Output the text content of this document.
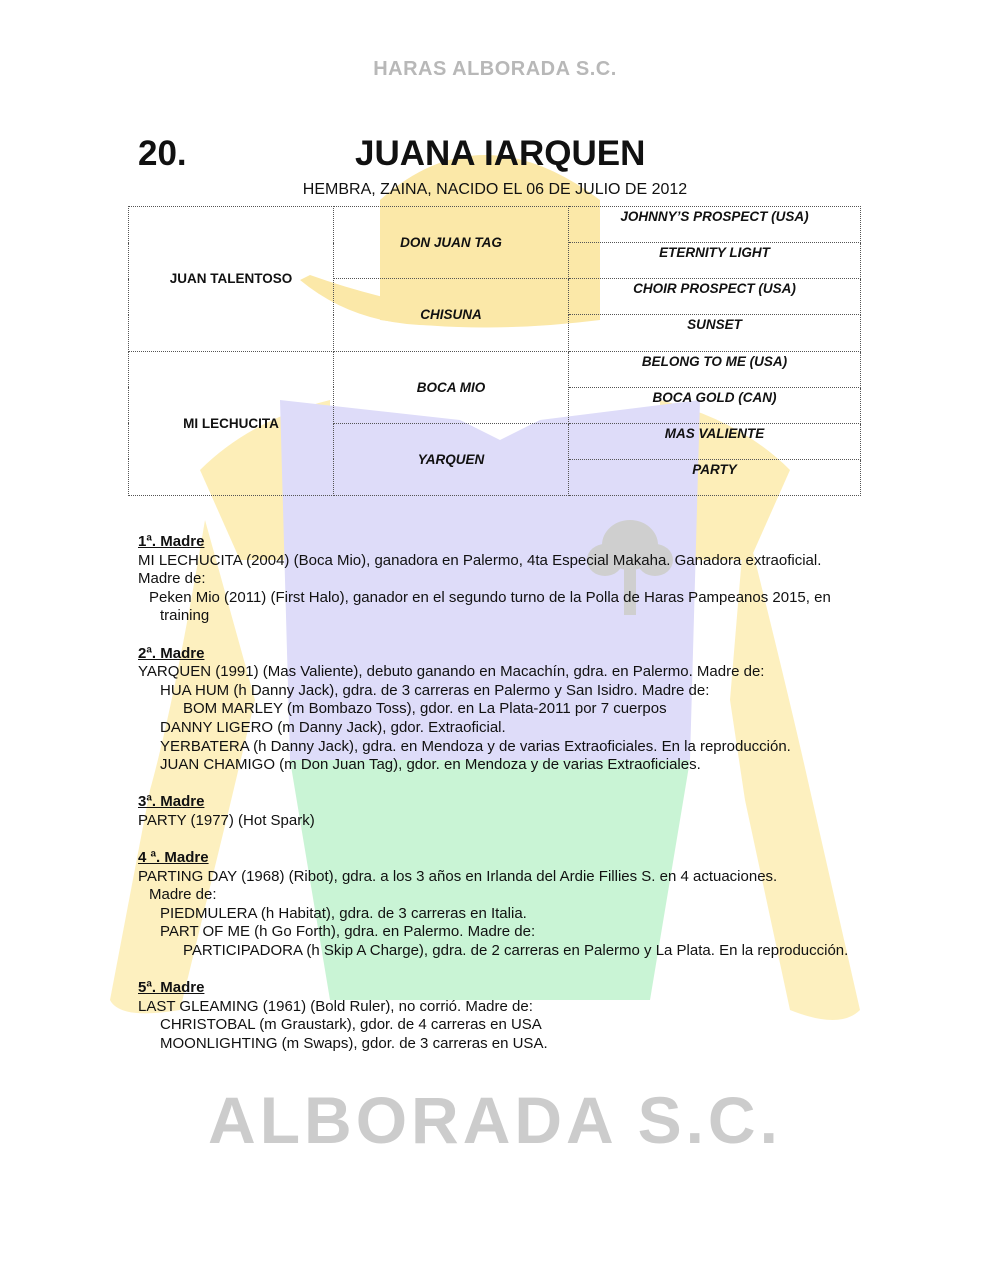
HARAS ALBORADA S.C.
20.	JUANA IARQUEN
HEMBRA, ZAINA, NACIDO EL 06 DE JULIO DE 2012
JUAN TALENTOSO	DON JUAN TAG	JOHNNY’S PROSPECT (USA)
		ETERNITY LIGHT
	CHISUNA	CHOIR PROSPECT (USA)
		SUNSET
MI LECHUCITA	BOCA MIO	BELONG TO ME (USA)
		BOCA GOLD (CAN)
	YARQUEN	MAS VALIENTE
		PARTY
1ª. Madre
MI LECHUCITA (2004) (Boca Mio), ganadora en Palermo, 4ta Especial Makaha. Ganadora extraoficial. Madre de:
Peken Mio (2011) (First Halo), ganador en el segundo turno de la Polla de Haras Pampeanos 2015, en training
2ª. Madre
YARQUEN (1991) (Mas Valiente), debuto ganando en Macachín, gdra. en Palermo. Madre de:
HUA HUM (h Danny Jack), gdra. de 3 carreras en Palermo y San Isidro. Madre de:
BOM MARLEY (m Bombazo Toss), gdor. en La Plata-2011 por 7 cuerpos
DANNY LIGERO (m Danny Jack), gdor. Extraoficial.
YERBATERA (h Danny Jack), gdra. en Mendoza y de varias Extraoficiales. En la reproducción.
JUAN CHAMIGO (m Don Juan Tag), gdor. en Mendoza y de varias Extraoficiales.
3ª. Madre
PARTY (1977) (Hot Spark)
4 ª. Madre
PARTING DAY (1968) (Ribot), gdra. a los 3 años en Irlanda del Ardie Fillies S. en 4 actuaciones.
Madre de:
PIEDMULERA (h Habitat), gdra. de 3 carreras en Italia.
PART OF ME (h Go Forth), gdra. en Palermo. Madre de:
PARTICIPADORA (h Skip A Charge), gdra. de 2 carreras en Palermo y La Plata. En la reproducción.
5ª. Madre
LAST GLEAMING (1961) (Bold Ruler), no corrió. Madre de:
CHRISTOBAL (m Graustark), gdor. de 4 carreras en USA
MOONLIGHTING (m Swaps), gdor. de 3 carreras en USA.
ALBORADA S.C.
